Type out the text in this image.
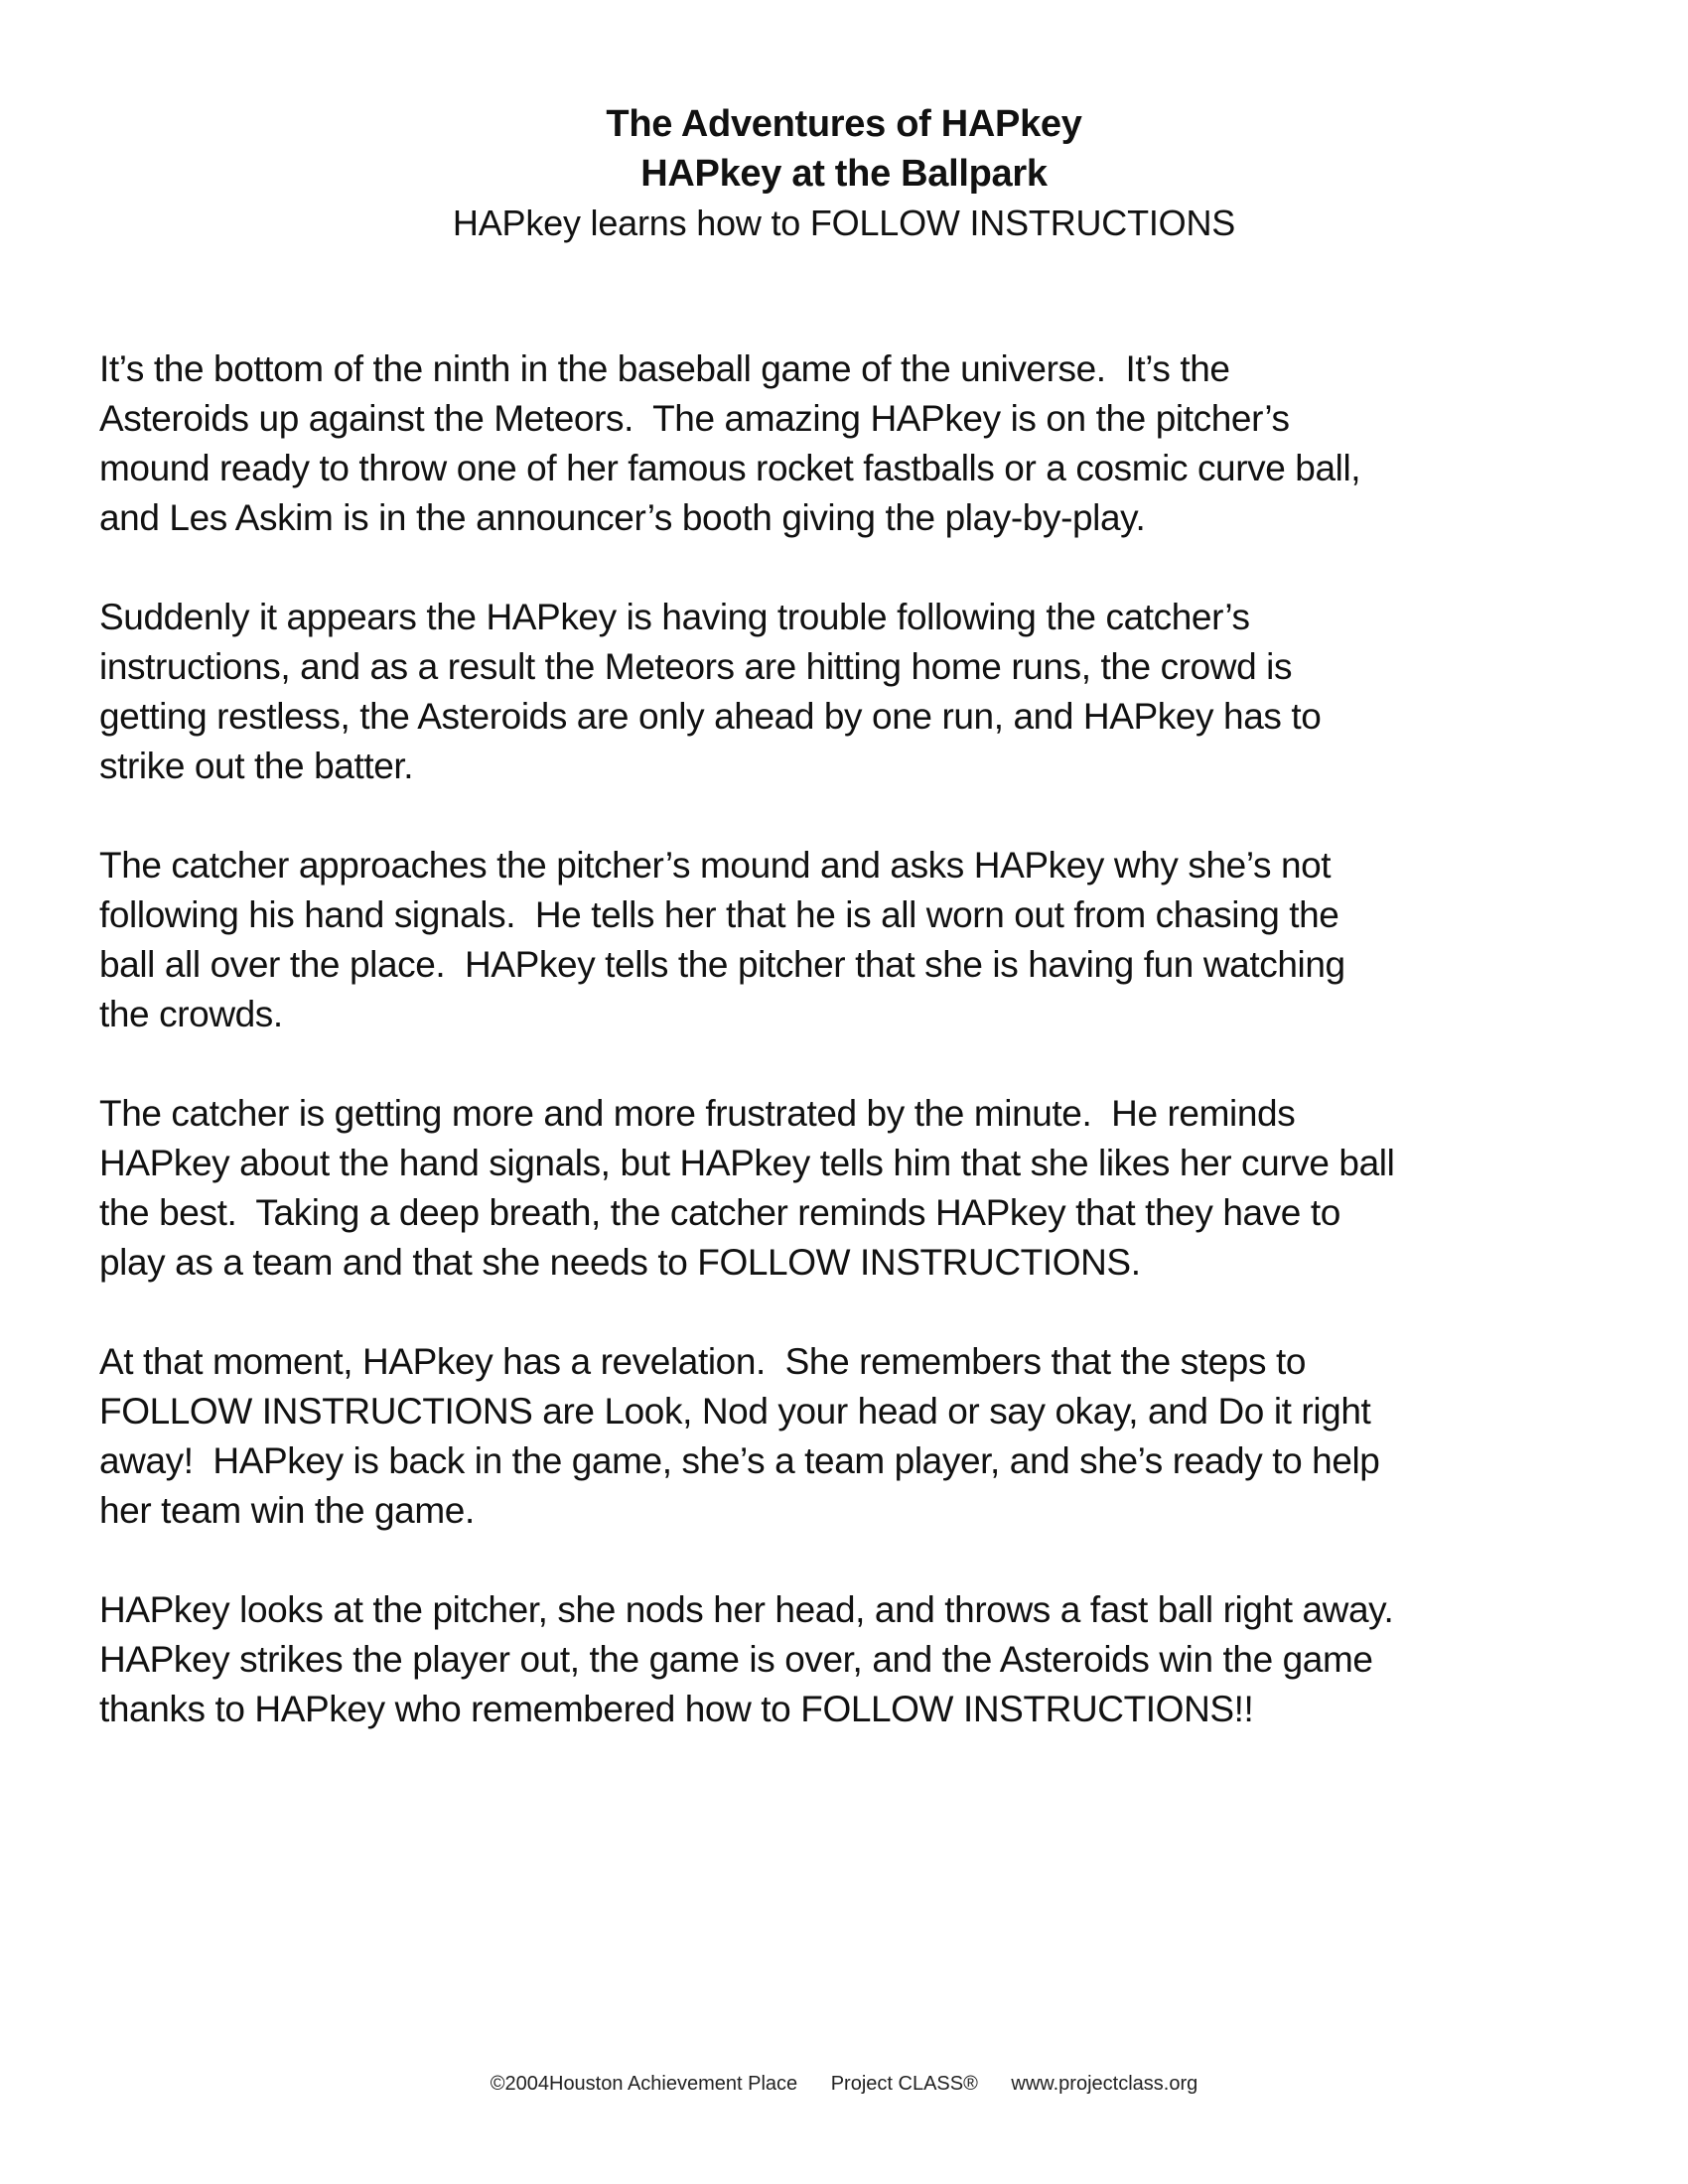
The Adventures of HAPkey
HAPkey at the Ballpark
HAPkey learns how to FOLLOW INSTRUCTIONS

It’s the bottom of the ninth in the baseball game of the universe.  It’s the
Asteroids up against the Meteors.  The amazing HAPkey is on the pitcher’s
mound ready to throw one of her famous rocket fastballs or a cosmic curve ball,
and Les Askim is in the announcer’s booth giving the play-by-play.

Suddenly it appears the HAPkey is having trouble following the catcher’s
instructions, and as a result the Meteors are hitting home runs, the crowd is
getting restless, the Asteroids are only ahead by one run, and HAPkey has to
strike out the batter.

The catcher approaches the pitcher’s mound and asks HAPkey why she’s not
following his hand signals.  He tells her that he is all worn out from chasing the
ball all over the place.  HAPkey tells the pitcher that she is having fun watching
the crowds.

The catcher is getting more and more frustrated by the minute.  He reminds
HAPkey about the hand signals, but HAPkey tells him that she likes her curve ball
the best.  Taking a deep breath, the catcher reminds HAPkey that they have to
play as a team and that she needs to FOLLOW INSTRUCTIONS.

At that moment, HAPkey has a revelation.  She remembers that the steps to
FOLLOW INSTRUCTIONS are Look, Nod your head or say okay, and Do it right
away!  HAPkey is back in the game, she’s a team player, and she’s ready to help
her team win the game.

HAPkey looks at the pitcher, she nods her head, and throws a fast ball right away.
HAPkey strikes the player out, the game is over, and the Asteroids win the game
thanks to HAPkey who remembered how to FOLLOW INSTRUCTIONS!!

©2004Houston Achievement Place Project CLASS® www.projectclass.org
